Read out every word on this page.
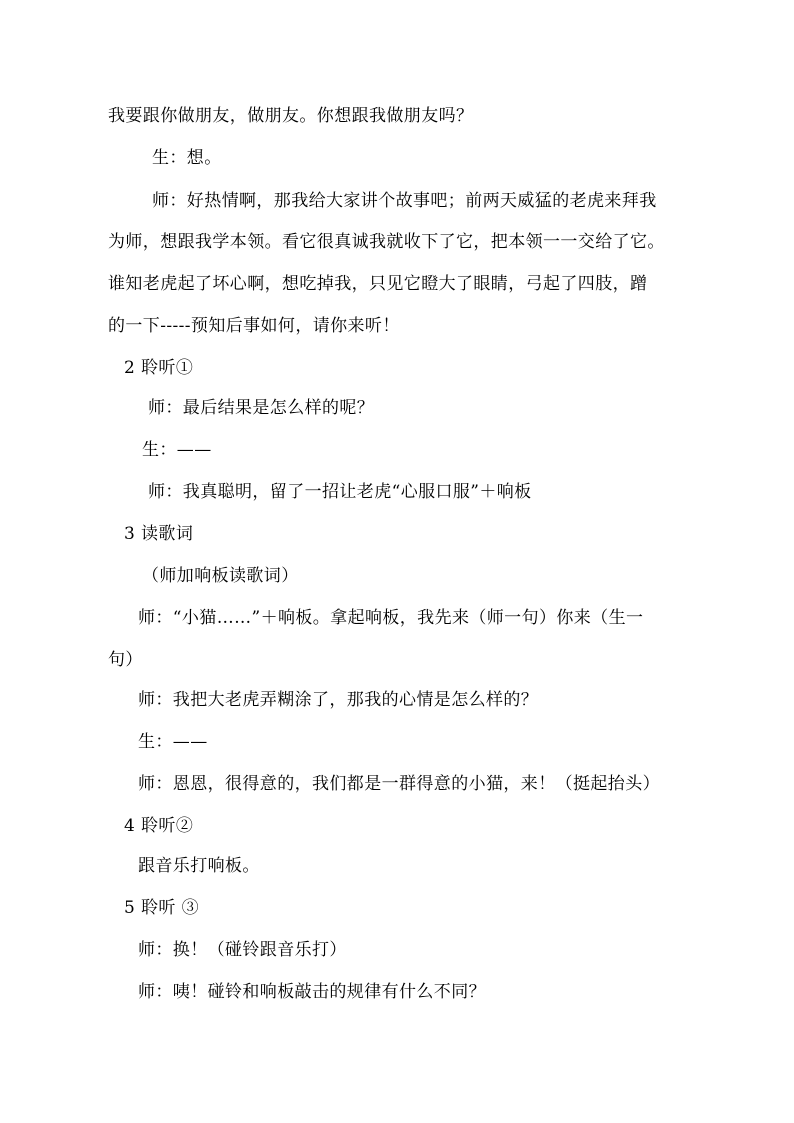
我要跟你做朋友，做朋友。你想跟我做朋友吗？
生：想。
师：好热情啊，那我给大家讲个故事吧；前两天威猛的老虎来拜我
为师，想跟我学本领。看它很真诚我就收下了它，把本领一一交给了它。
谁知老虎起了坏心啊，想吃掉我，只见它瞪大了眼睛，弓起了四肢，蹭
的一下-----预知后事如何，请你来听！
2 聆听①
师：最后结果是怎么样的呢？
生：——
师：我真聪明，留了一招让老虎“心服口服”＋响板
3 读歌词
（师加响板读歌词）
师：“小猫……”＋响板。拿起响板，我先来（师一句）你来（生一
句）
师：我把大老虎弄糊涂了，那我的心情是怎么样的？
生：——
师：恩恩，很得意的，我们都是一群得意的小猫，来！（挺起抬头）
4 聆听②
跟音乐打响板。
5 聆听 ③
师：换！（碰铃跟音乐打）
师：咦！碰铃和响板敲击的规律有什么不同？
